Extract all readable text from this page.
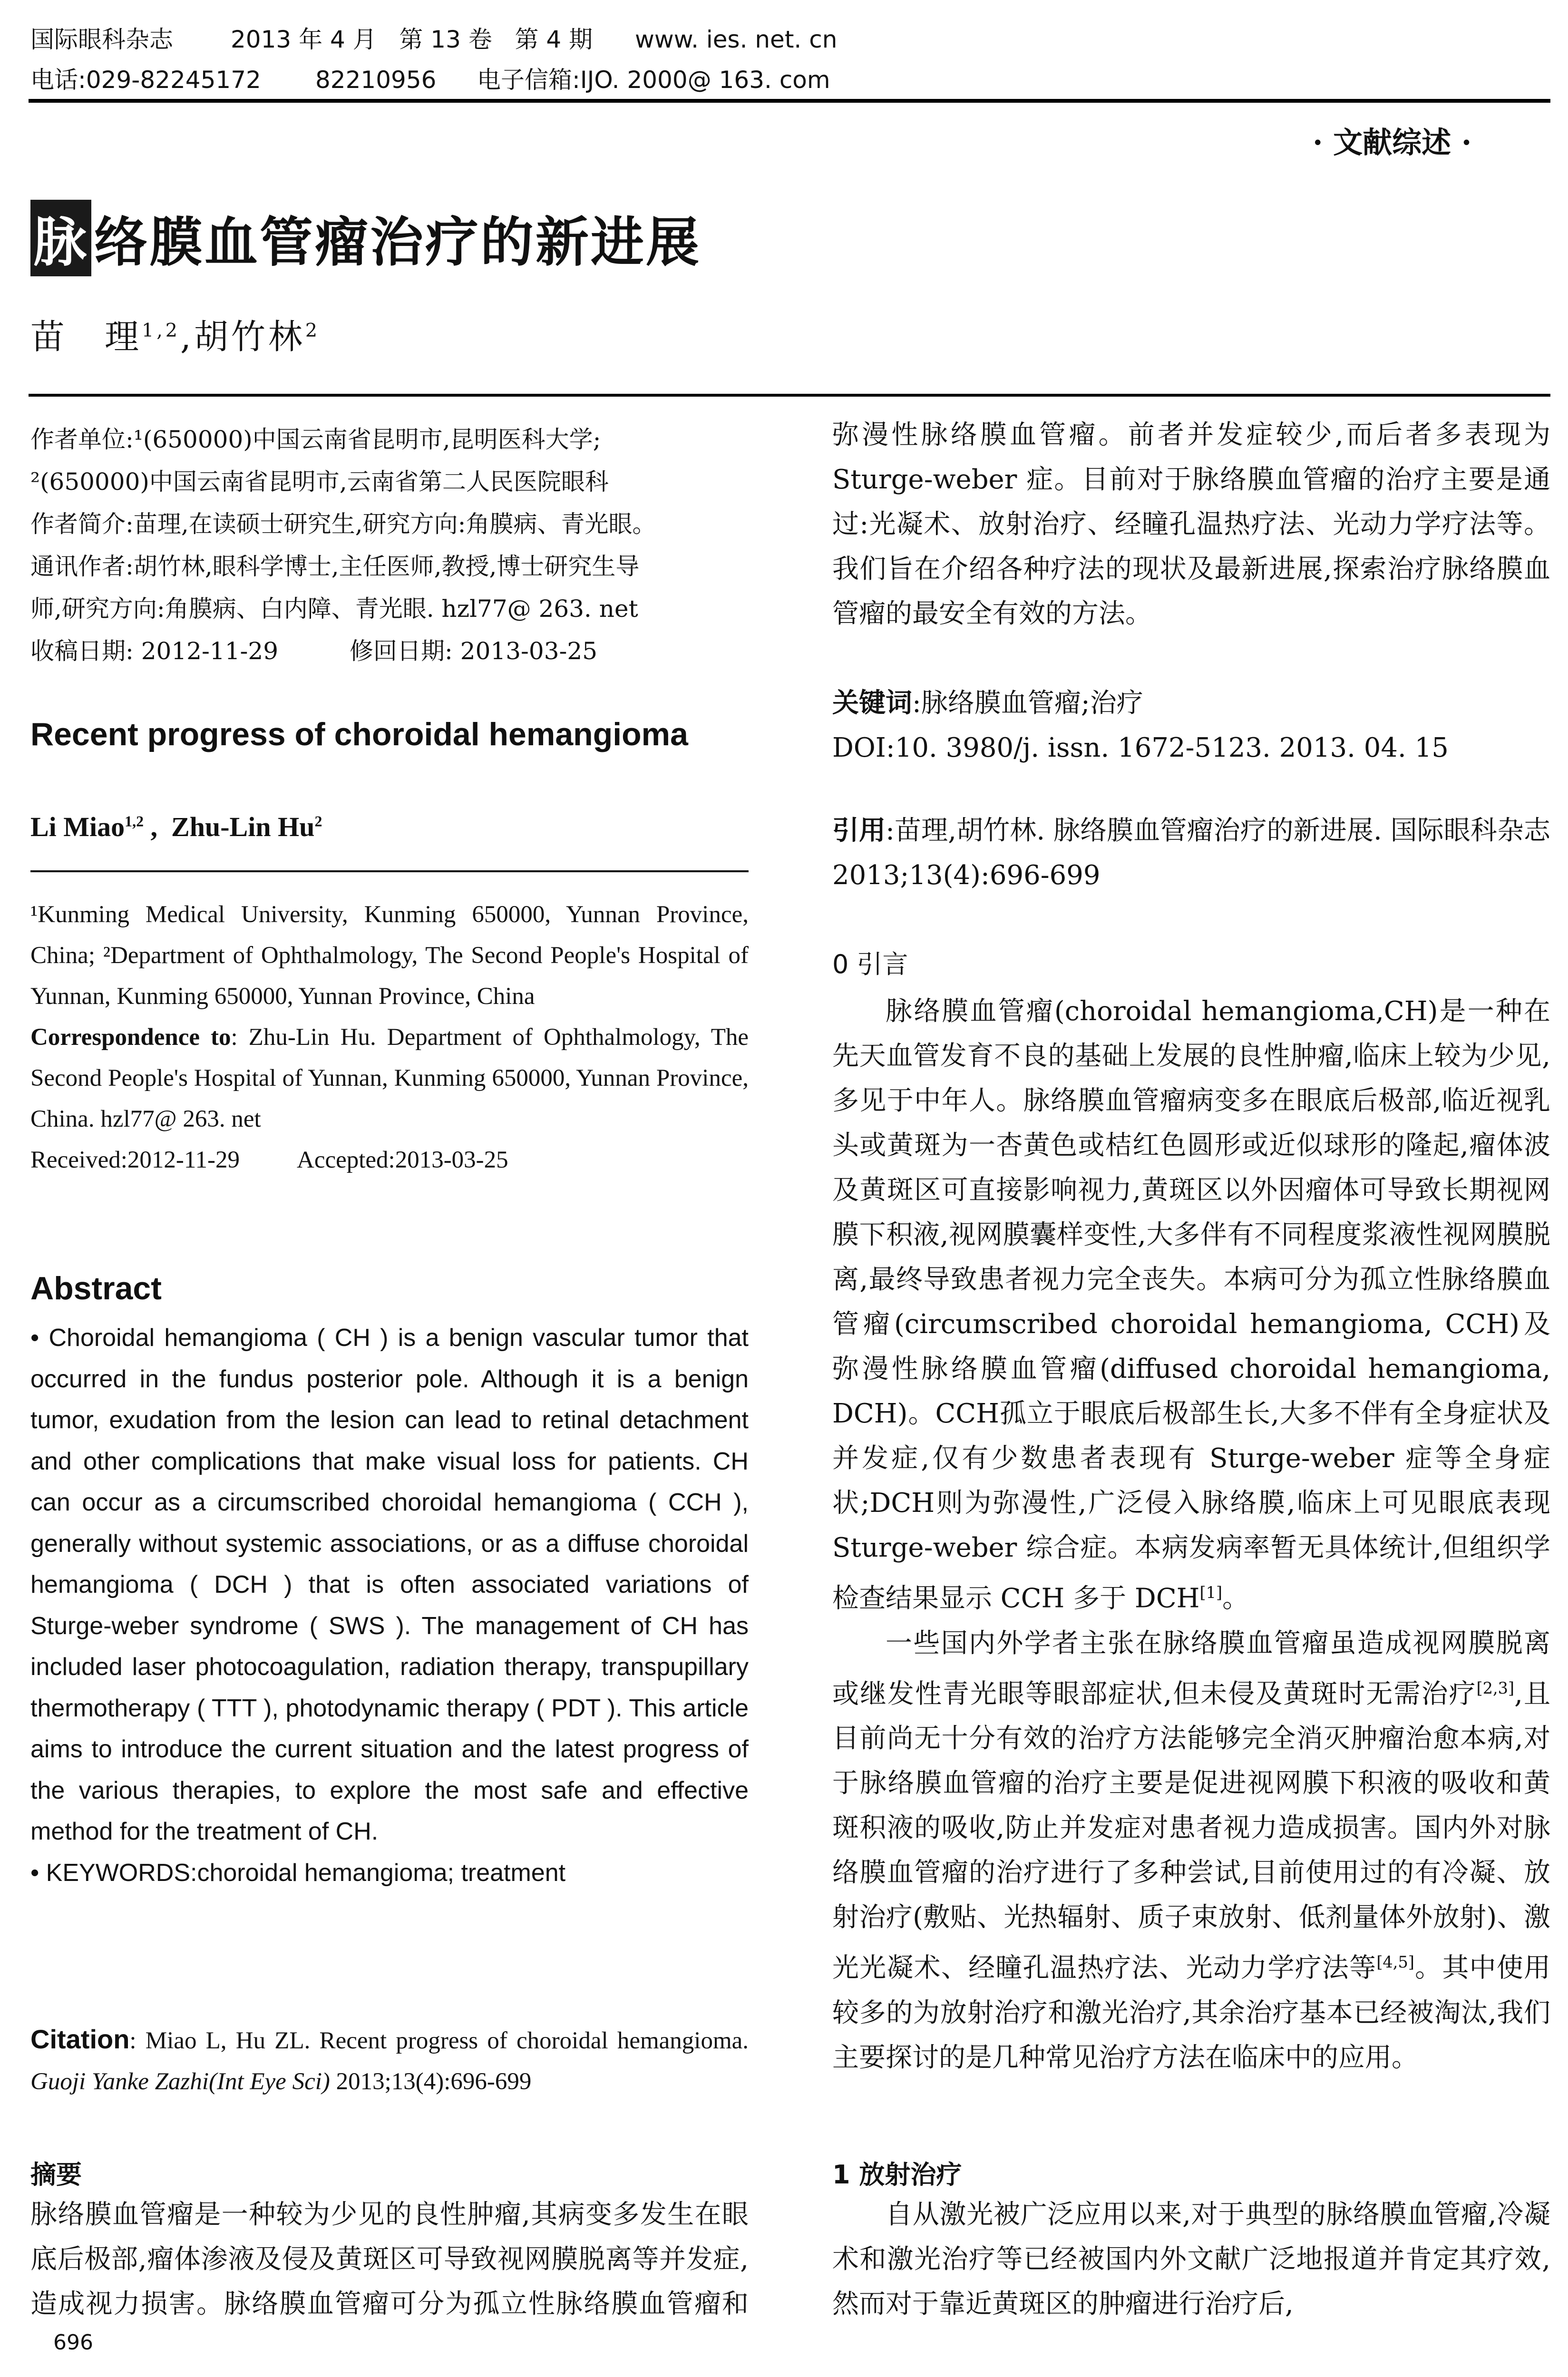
国际眼科杂志 2013 年 4 月   第 13 卷   第 4 期 www. ies. net. cn
电话:029-82245172 82210956 电子信箱:IJO. 2000@ 163. com
· 文献综述 ·
脉 络膜血管瘤治疗的新进展
苗　理$^{1,2}$,胡竹林$^2$

作者单位:¹(650000)中国云南省昆明市,昆明医科大学;

²(650000)中国云南省昆明市,云南省第二人民医院眼科

作者简介:苗理,在读硕士研究生,研究方向:角膜病、青光眼。

通讯作者:胡竹林,眼科学博士,主任医师,教授,博士研究生导

师,研究方向:角膜病、白内障、青光眼. hzl77@ 263. net

收稿日期: 2012-11-29　　　修回日期: 2013-03-25

Recent progress of choroidal hemangioma
Li Miao$^{1,2}$ ,  Zhu-Lin Hu$^2$

¹Kunming Medical University, Kunming 650000, Yunnan Province, China; ²Department of Ophthalmology, The Second People's Hospital of Yunnan, Kunming 650000, Yunnan Province, China

Correspondence to: Zhu-Lin Hu. Department of Ophthalmology, The Second People's Hospital of Yunnan, Kunming 650000, Yunnan Province, China. hzl77@ 263. net

Received:2012-11-29 Accepted:2013-03-25

Abstract

• Choroidal hemangioma ( CH ) is a benign vascular tumor that occurred in the fundus posterior pole. Although it is a benign tumor, exudation from the lesion can lead to retinal detachment and other complications that make visual loss for patients. CH can occur as a circumscribed choroidal hemangioma ( CCH ), generally without systemic associations, or as a diffuse choroidal hemangioma ( DCH ) that is often associated variations of Sturge-weber syndrome ( SWS ). The management of CH has included laser photocoagulation, radiation therapy, transpupillary thermotherapy ( TTT ), photodynamic therapy ( PDT ). This article aims to introduce the current situation and the latest progress of the various therapies, to explore the most safe and effective method for the treatment of CH.

• KEYWORDS:choroidal hemangioma; treatment

Citation: Miao L, Hu ZL. Recent progress of choroidal hemangioma. Guoji Yanke Zazhi(Int Eye Sci) 2013;13(4):696-699

摘要

脉络膜血管瘤是一种较为少见的良性肿瘤,其病变多发生在眼底后极部,瘤体渗液及侵及黄斑区可导致视网膜脱离等并发症,造成视力损害。脉络膜血管瘤可分为孤立性脉络膜血管瘤和

696

弥漫性脉络膜血管瘤。前者并发症较少,而后者多表现为 Sturge-weber 症。目前对于脉络膜血管瘤的治疗主要是通过:光凝术、放射治疗、经瞳孔温热疗法、光动力学疗法等。我们旨在介绍各种疗法的现状及最新进展,探索治疗脉络膜血管瘤的最安全有效的方法。

关键词:脉络膜血管瘤;治疗

DOI:10. 3980/j. issn. 1672-5123. 2013. 04. 15

引用:苗理,胡竹林. 脉络膜血管瘤治疗的新进展. 国际眼科杂志 2013;13(4):696-699

0 引言

脉络膜血管瘤(choroidal hemangioma,CH)是一种在先天血管发育不良的基础上发展的良性肿瘤,临床上较为少见,多见于中年人。脉络膜血管瘤病变多在眼底后极部,临近视乳头或黄斑为一杏黄色或桔红色圆形或近似球形的隆起,瘤体波及黄斑区可直接影响视力,黄斑区以外因瘤体可导致长期视网膜下积液,视网膜囊样变性,大多伴有不同程度浆液性视网膜脱离,最终导致患者视力完全丧失。本病可分为孤立性脉络膜血管瘤(circumscribed choroidal hemangioma, CCH)及弥漫性脉络膜血管瘤(diffused choroidal hemangioma, DCH)。CCH孤立于眼底后极部生长,大多不伴有全身症状及并发症,仅有少数患者表现有 Sturge-weber 症等全身症状;DCH则为弥漫性,广泛侵入脉络膜,临床上可见眼底表现Sturge-weber 综合症。本病发病率暂无具体统计,但组织学检查结果显示 CCH 多于 DCH[1]。

一些国内外学者主张在脉络膜血管瘤虽造成视网膜脱离或继发性青光眼等眼部症状,但未侵及黄斑时无需治疗[2,3],且目前尚无十分有效的治疗方法能够完全消灭肿瘤治愈本病,对于脉络膜血管瘤的治疗主要是促进视网膜下积液的吸收和黄斑积液的吸收,防止并发症对患者视力造成损害。国内外对脉络膜血管瘤的治疗进行了多种尝试,目前使用过的有冷凝、放射治疗(敷贴、光热辐射、质子束放射、低剂量体外放射)、激光光凝术、经瞳孔温热疗法、光动力学疗法等[4,5]。其中使用较多的为放射治疗和激光治疗,其余治疗基本已经被淘汰,我们主要探讨的是几种常见治疗方法在临床中的应用。

1 放射治疗

自从激光被广泛应用以来,对于典型的脉络膜血管瘤,冷凝术和激光治疗等已经被国内外文献广泛地报道并肯定其疗效,然而对于靠近黄斑区的肿瘤进行治疗后,
